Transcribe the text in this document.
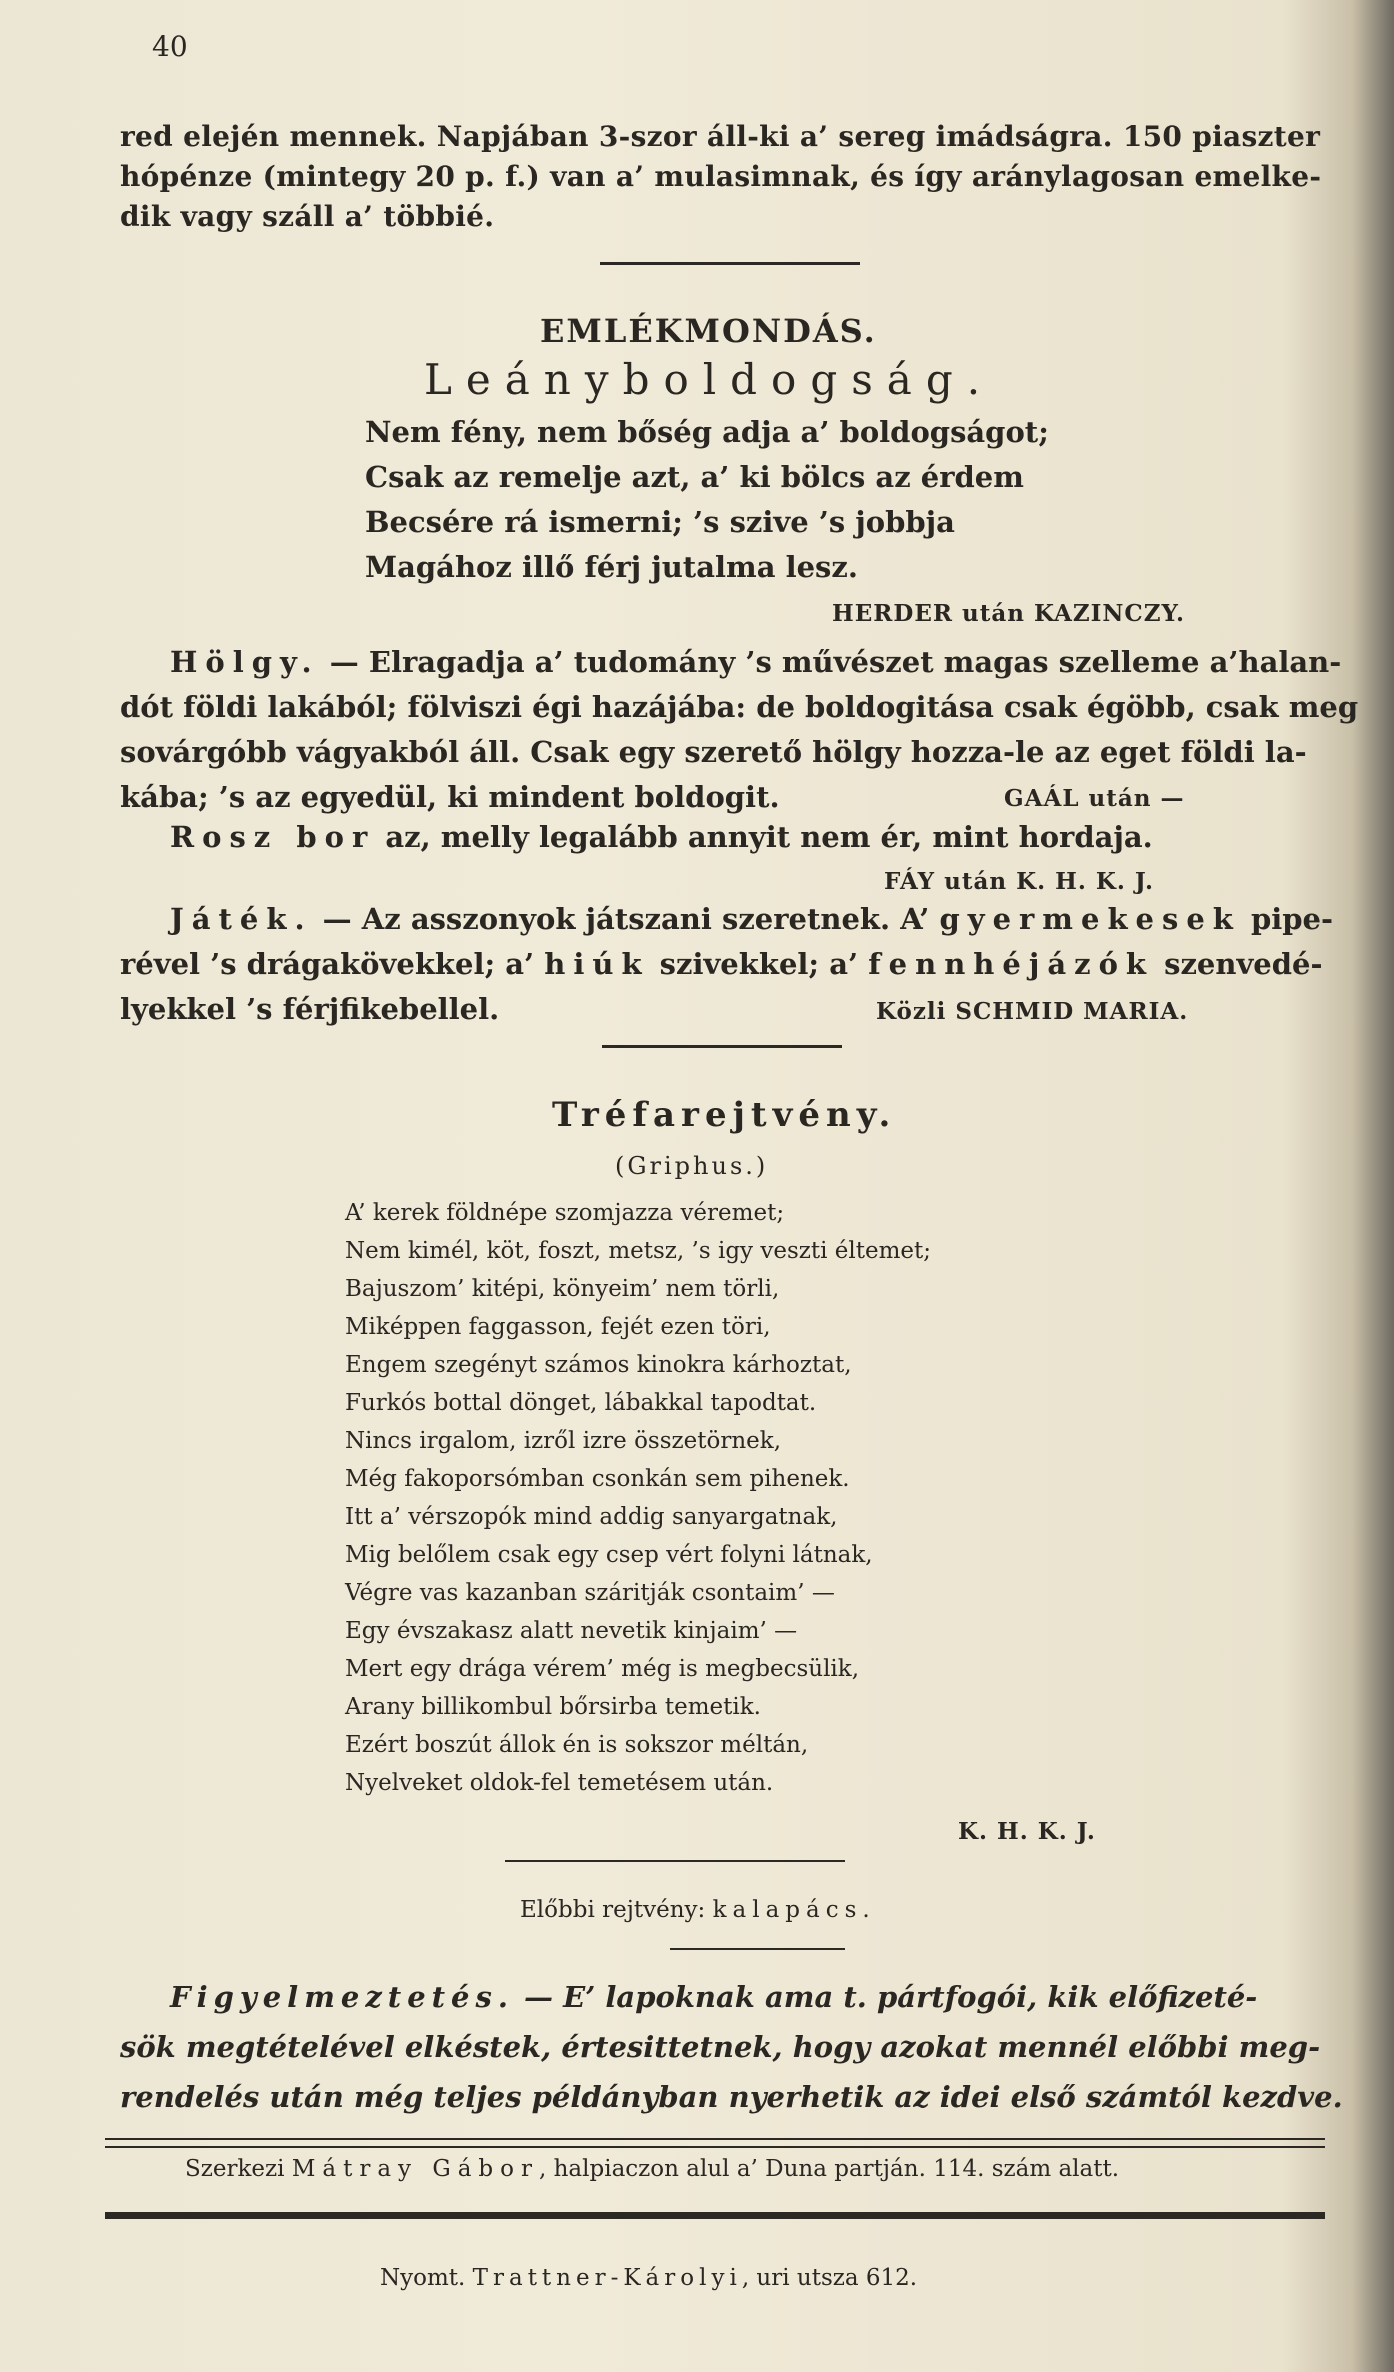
40
red elején mennek. Napjában 3-szor áll-ki a’ sereg imádságra. 150 piaszter
hópénze (mintegy 20 p. f.) van a’ mulasimnak, és így aránylagosan emelke-
dik vagy száll a’ többié.
EMLÉKMONDÁS.
Leányboldogság.
Nem fény, nem bőség adja a’ boldogságot;
Csak az remelje azt, a’ ki bölcs az érdem
Becsére rá ismerni; ’s szive ’s jobbja
Magához illő férj jutalma lesz.
HERDER után KAZINCZY.
Hölgy. — Elragadja a’ tudomány ’s művészet magas szelleme a’halan-
dót földi lakából; fölviszi égi hazájába: de boldogitása csak égöbb, csak meg
sovárgóbb vágyakból áll. Csak egy szerető hölgy hozza-le az eget földi la-
kába; ’s az egyedül, ki mindent boldogit.	GAÁL után —
Rosz bor az, melly legalább annyit nem ér, mint hordaja.
FÁY után K. H. K. J.
Játék. — Az asszonyok játszani szeretnek. A’ gyermekesek pipe-
rével ’s drágakövekkel; a’ hiúk szivekkel; a’ fennhéjázók szenvedé-
lyekkel ’s férjfikebellel.	Közli SCHMID MARIA.
Tréfarejtvény.
(Griphus.)
A’ kerek földnépe szomjazza véremet;
Nem kimél, köt, foszt, metsz, ’s igy veszti éltemet;
Bajuszom’ kitépi, könyeim’ nem törli,
Miképpen faggasson, fejét ezen töri,
Engem szegényt számos kinokra kárhoztat,
Furkós bottal dönget, lábakkal tapodtat.
Nincs irgalom, izről izre összetörnek,
Még fakoporsómban csonkán sem pihenek.
Itt a’ vérszopók mind addig sanyargatnak,
Mig belőlem csak egy csep vért folyni látnak,
Végre vas kazanban száritják csontaim’ —
Egy évszakasz alatt nevetik kinjaim’ —
Mert egy drága vérem’ még is megbecsülik,
Arany billikombul bőrsirba temetik.
Ezért boszút állok én is sokszor méltán,
Nyelveket oldok-fel temetésem után.
K. H. K. J.
Előbbi rejtvény: kalapács.
Figyelmeztetés. — E’ lapoknak ama t. pártfogói, kik előfizeté-
sök megtételével elkéstek, értesittetnek, hogy azokat mennél előbbi meg-
rendelés után még teljes példányban nyerhetik az idei első számtól kezdve.
Szerkezi Mátray Gábor, halpiaczon alul a’ Duna partján. 114. szám alatt.
Nyomt. Trattner-Károlyi, uri utsza 612.
